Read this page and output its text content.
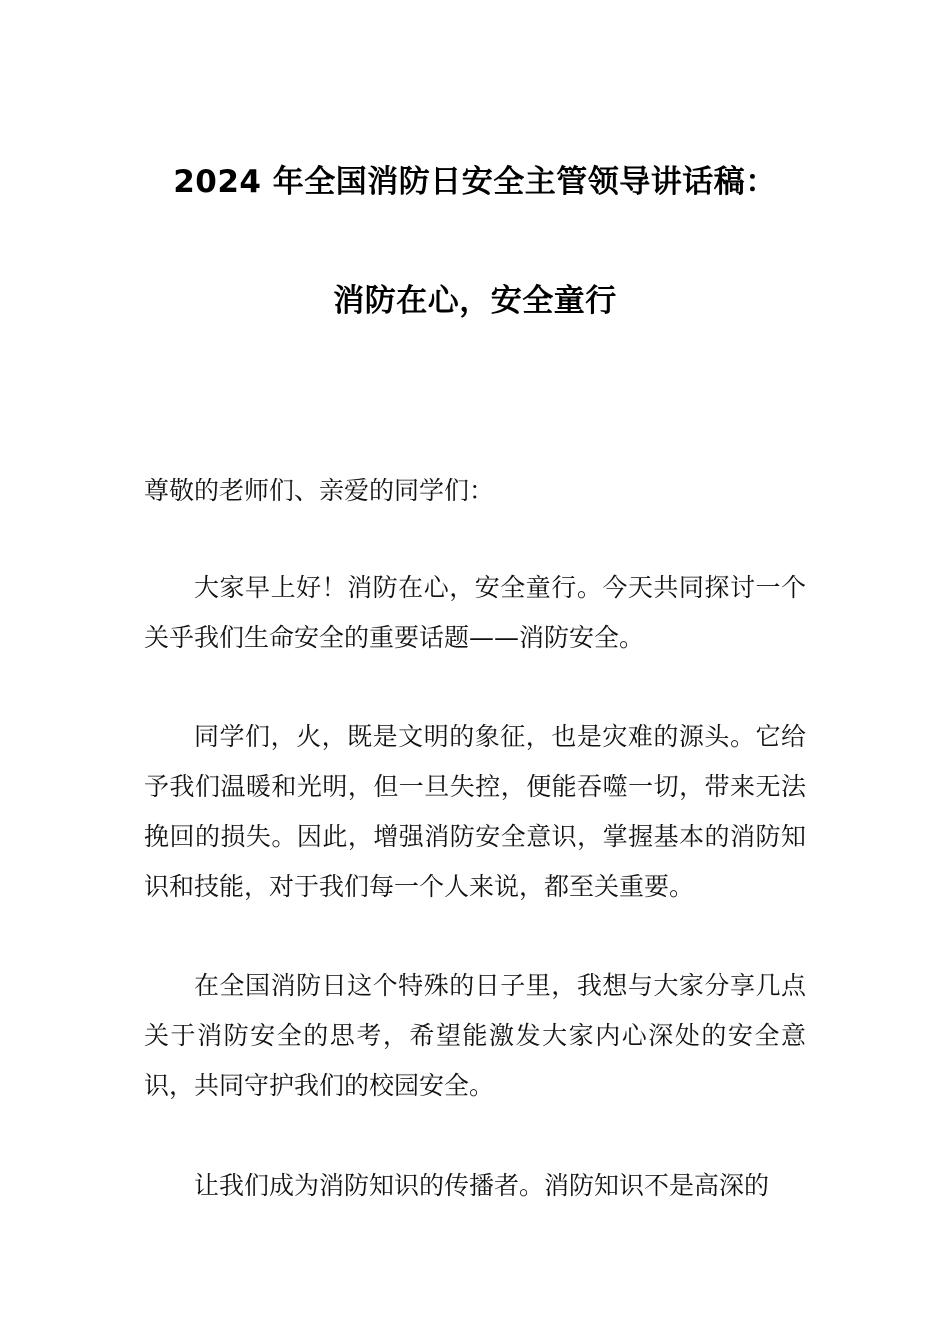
2024 年全国消防日安全主管领导讲话稿：
消防在心，安全童行
尊敬的老师们、亲爱的同学们：

大家早上好！消防在心，安全童行。今天共同探讨一个关乎我们生命安全的重要话题——消防安全。

同学们，火，既是文明的象征，也是灾难的源头。它给予我们温暖和光明，但一旦失控，便能吞噬一切，带来无法挽回的损失。因此，增强消防安全意识，掌握基本的消防知识和技能，对于我们每一个人来说，都至关重要。

在全国消防日这个特殊的日子里，我想与大家分享几点关于消防安全的思考，希望能激发大家内心深处的安全意识，共同守护我们的校园安全。

让我们成为消防知识的传播者。消防知识不是高深的
